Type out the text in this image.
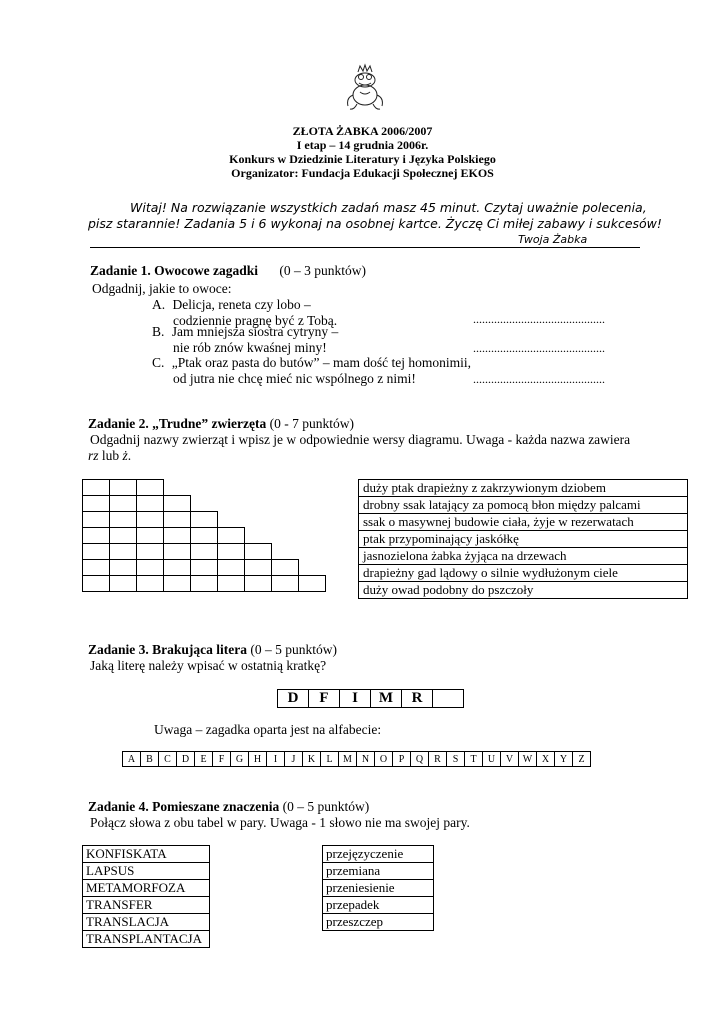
ZŁOTA ŻABKA 2006/2007
I etap – 14 grudnia 2006r.
Konkurs w Dziedzinie Literatury i Języka Polskiego
Organizator: Fundacja Edukacji Społecznej EKOS
Witaj! Na rozwiązanie wszystkich zadań masz 45 minut. Czytaj uważnie polecenia,
pisz starannie! Zadania 5 i 6 wykonaj na osobnej kartce. Życzę Ci miłej zabawy i sukcesów!
Twoja Żabka
Zadanie 1. Owocowe zagadki (0 – 3 punktów)
Odgadnij, jakie to owoce:
A. Delicja, reneta czy lobo –
codziennie pragnę być z Tobą.	............................................
B. Jam mniejsza siostra cytryny –
nie rób znów kwaśnej miny!	............................................
C. „Ptak oraz pasta do butów” – mam dość tej homonimii,
od jutra nie chcę mieć nic wspólnego z nimi!	............................................
Zadanie 2. „Trudne” zwierzęta (0 - 7 punktów)
Odgadnij nazwy zwierząt i wpisz je w odpowiednie wersy diagramu. Uwaga - każda nazwa zawiera
rz lub ż.

duży ptak drapieżny z zakrzywionym dziobem
drobny ssak latający za pomocą błon między palcami
ssak o masywnej budowie ciała, żyje w rezerwatach
ptak przypominający jaskółkę
jasnozielona żabka żyjąca na drzewach
drapieżny gad lądowy o silnie wydłużonym ciele
duży owad podobny do pszczoły
Zadanie 3. Brakująca litera (0 – 5 punktów)
Jaką literę należy wpisać w ostatnią kratkę?
D	F	I	M	R	
Uwaga – zagadka oparta jest na alfabecie:
A	B	C	D	E	F	G	H	I	J	K	L	M	N	O	P	Q	R	S	T	U	V	W	X	Y	Z
Zadanie 4. Pomieszane znaczenia (0 – 5 punktów)
Połącz słowa z obu tabel w pary. Uwaga - 1 słowo nie ma swojej pary.
KONFISKATA
LAPSUS
METAMORFOZA
TRANSFER
TRANSLACJA
TRANSPLANTACJA
przejęzyczenie
przemiana
przeniesienie
przepadek
przeszczep
